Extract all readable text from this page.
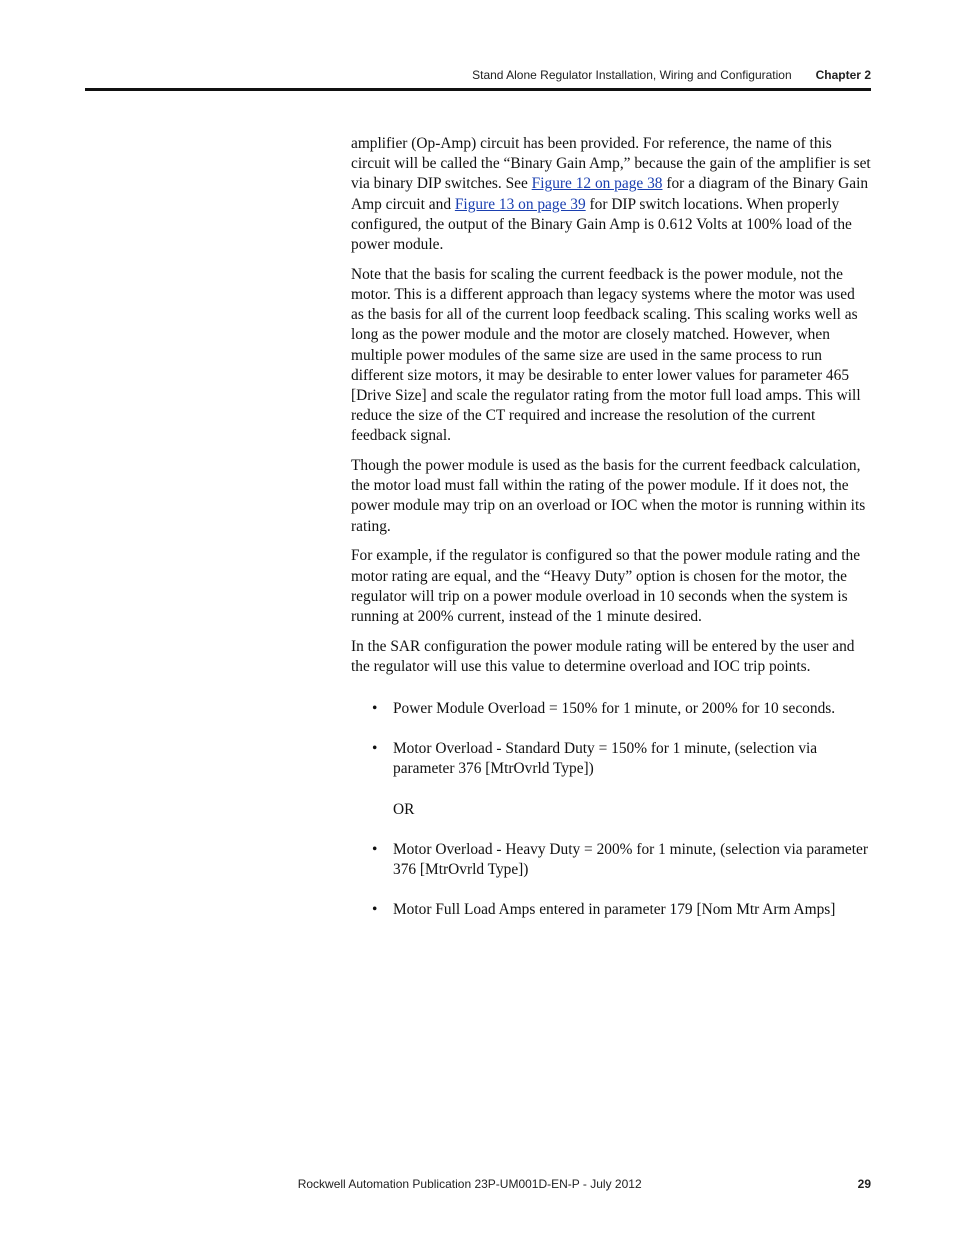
Stand Alone Regulator Installation, Wiring and Configuration Chapter 2

amplifier (Op-Amp) circuit has been provided. For reference, the name of this circuit will be called the “Binary Gain Amp,” because the gain of the amplifier is set via binary DIP switches. See Figure 12 on page 38 for a diagram of the Binary Gain Amp circuit and Figure 13 on page 39 for DIP switch locations. When properly configured, the output of the Binary Gain Amp is 0.612 Volts at 100% load of the power module.

Note that the basis for scaling the current feedback is the power module, not the motor. This is a different approach than legacy systems where the motor was used as the basis for all of the current loop feedback scaling. This scaling works well as long as the power module and the motor are closely matched. However, when multiple power modules of the same size are used in the same process to run different size motors, it may be desirable to enter lower values for parameter 465 [Drive Size] and scale the regulator rating from the motor full load amps. This will reduce the size of the CT required and increase the resolution of the current feedback signal.

Though the power module is used as the basis for the current feedback calculation, the motor load must fall within the rating of the power module. If it does not, the power module may trip on an overload or IOC when the motor is running within its rating.

For example, if the regulator is configured so that the power module rating and the motor rating are equal, and the “Heavy Duty” option is chosen for the motor, the regulator will trip on a power module overload in 10 seconds when the system is running at 200% current, instead of the 1 minute desired.

In the SAR configuration the power module rating will be entered by the user and the regulator will use this value to determine overload and IOC trip points.

• Power Module Overload = 150% for 1 minute, or 200% for 10 seconds.
• Motor Overload - Standard Duty = 150% for 1 minute, (selection via parameter 376 [MtrOvrld Type])
OR
• Motor Overload - Heavy Duty = 200% for 1 minute, (selection via parameter 376 [MtrOvrld Type])
• Motor Full Load Amps entered in parameter 179 [Nom Mtr Arm Amps]
Rockwell Automation Publication 23P-UM001D-EN-P - July 2012	29
